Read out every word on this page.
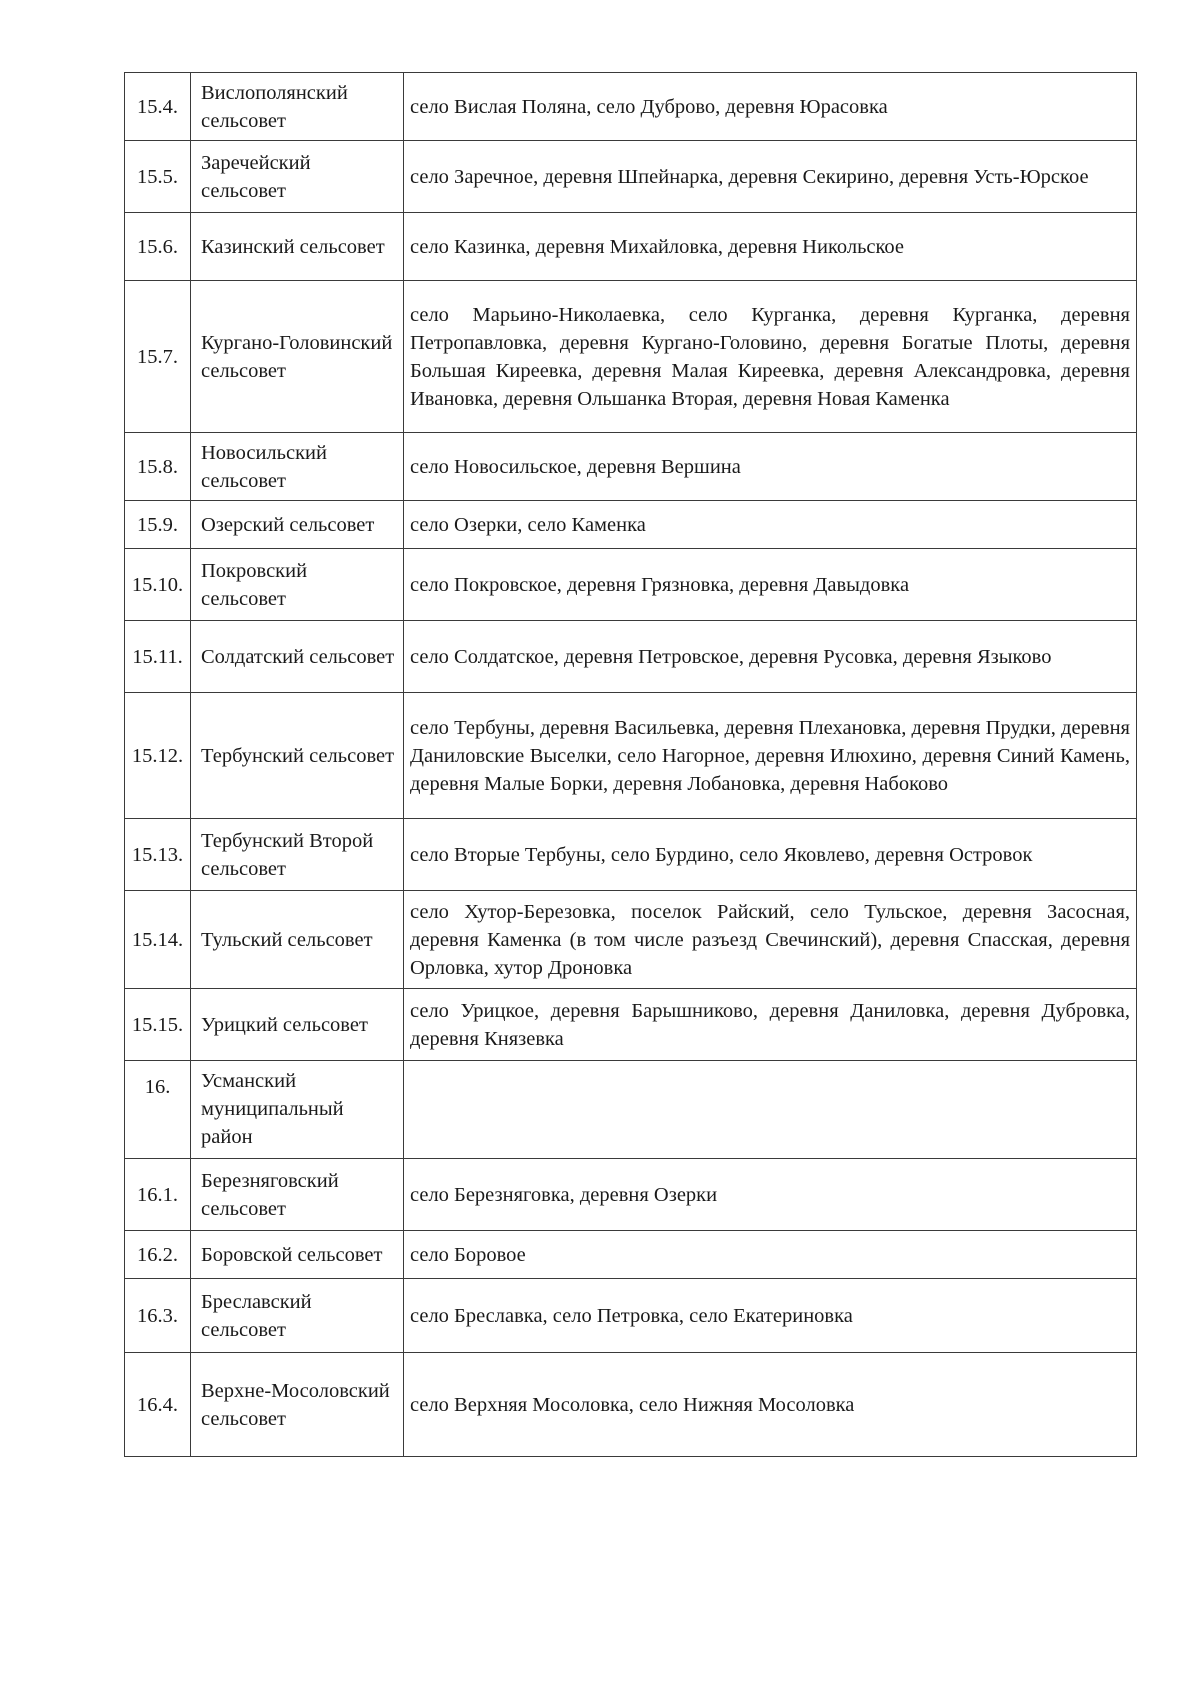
15.4.	Вислополянский сельсовет	село Вислая Поляна, село Дуброво, деревня Юрасовка
15.5.	Заречейский сельсовет	село Заречное, деревня Шпейнарка, деревня Секирино, деревня Усть-Юрское
15.6.	Казинский сельсовет	село Казинка, деревня Михайловка, деревня Никольское
15.7.	Кургано-Головинский сельсовет	село Марьино-Николаевка, село Курганка, деревня Курганка, деревня Петропавловка, деревня Кургано-Головино, деревня Богатые Плоты, деревня Большая Киреевка, деревня Малая Киреевка, деревня Александровка, деревня Ивановка, деревня Ольшанка Вторая, деревня Новая Каменка
15.8.	Новосильский сельсовет	село Новосильское, деревня Вершина
15.9.	Озерский сельсовет	село Озерки, село Каменка
15.10.	Покровский сельсовет	село Покровское, деревня Грязновка, деревня Давыдовка
15.11.	Солдатский сельсовет	село Солдатское, деревня Петровское, деревня Русовка, деревня Языково
15.12.	Тербунский сельсовет	село Тербуны, деревня Васильевка, деревня Плехановка, деревня Прудки, деревня Даниловские Выселки, село Нагорное, деревня Илюхино, деревня Синий Камень, деревня Малые Борки, деревня Лобановка, деревня Набоково
15.13.	Тербунский Второй сельсовет	село Вторые Тербуны, село Бурдино, село Яковлево, деревня Островок
15.14.	Тульский сельсовет	село Хутор-Березовка, поселок Райский, село Тульское, деревня Засосная, деревня Каменка (в том числе разъезд Свечинский), деревня Спасская, деревня Орловка, хутор Дроновка
15.15.	Урицкий сельсовет	село Урицкое, деревня Барышниково, деревня Даниловка, деревня Дубровка, деревня Князевка
16.	Усманский муниципальный район	
16.1.	Березняговский сельсовет	село Березняговка, деревня Озерки
16.2.	Боровской сельсовет	село Боровое
16.3.	Бреславский сельсовет	село Бреславка, село Петровка, село Екатериновка
16.4.	Верхне-Мосоловский сельсовет	село Верхняя Мосоловка, село Нижняя Мосоловка
